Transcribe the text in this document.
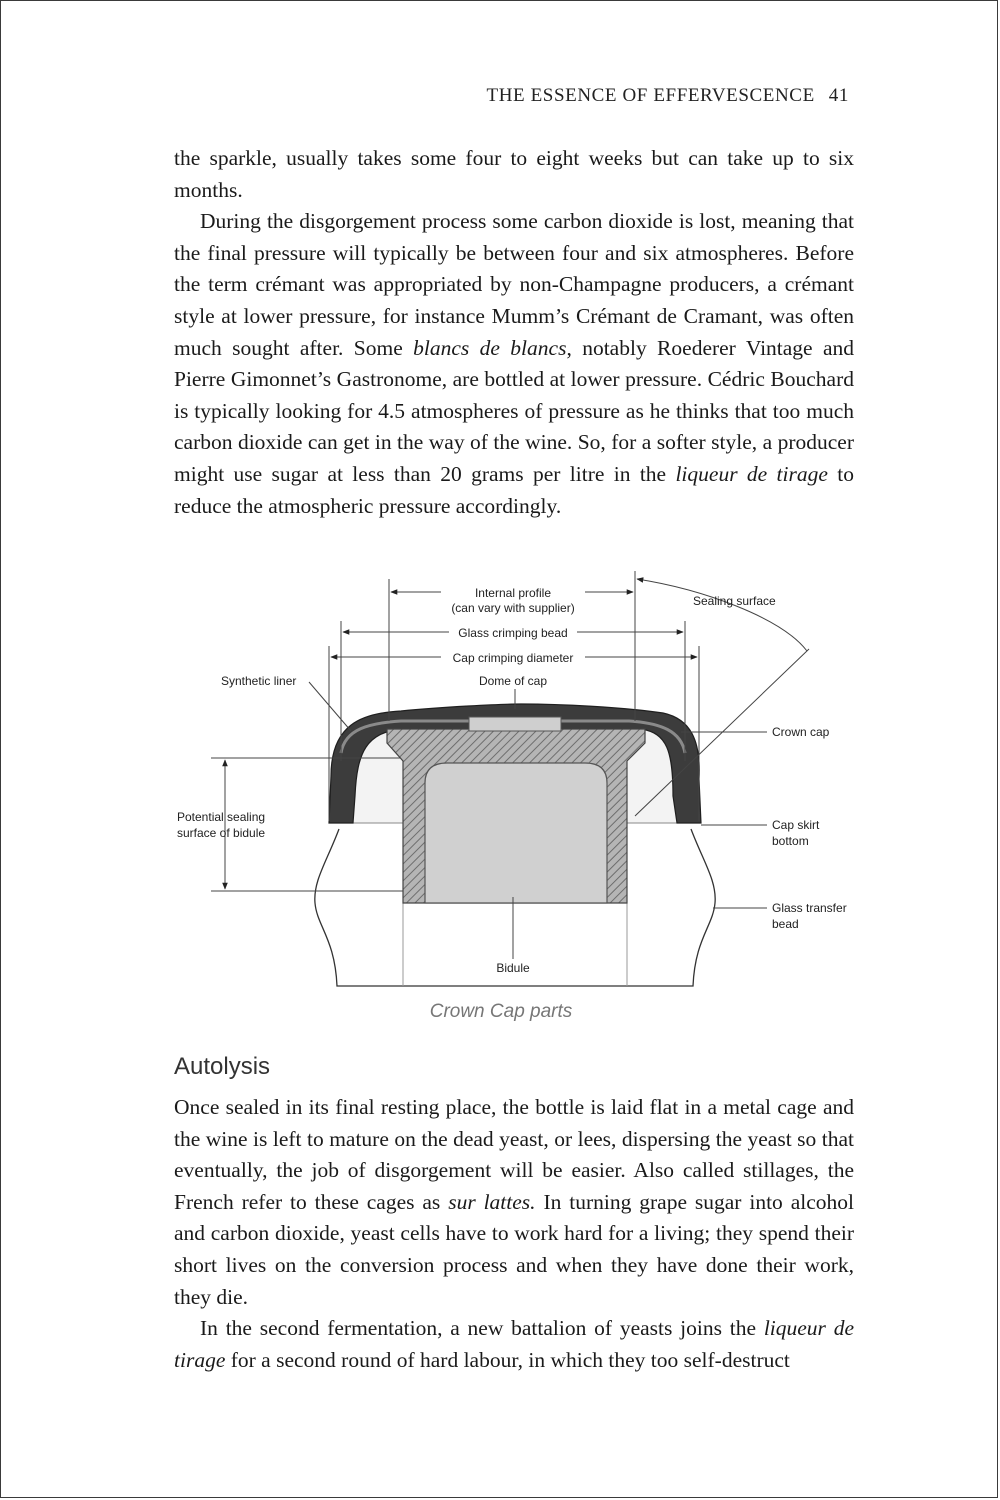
THE ESSENCE OF EFFERVESCENCE 41

the sparkle, usually takes some four to eight weeks but can take up to six months.

During the disgorgement process some carbon dioxide is lost, meaning that the final pressure will typically be between four and six atmospheres. Before the term crémant was appropriated by non-Champagne producers, a crémant style at lower pressure, for instance Mumm’s Crémant de Cramant, was often much sought after. Some blancs de blancs, notably Roederer Vintage and Pierre Gimonnet’s Gastronome, are bottled at lower pressure. Cédric Bouchard is typically looking for 4.5 atmospheres of pressure as he thinks that too much carbon dioxide can get in the way of the wine. So, for a softer style, a producer might use sugar at less than 20 grams per litre in the liqueur de tirage to reduce the atmospheric pressure accordingly.

Internal profile
(can vary with supplier)	Sealing surface
Glass crimping bead
Cap crimping diameter
Synthetic liner	Dome of cap
Crown cap
Potential sealing
surface of bidule
Cap skirt
bottom
Glass transfer
bead
Bidule
Crown Cap parts
Autolysis

Once sealed in its final resting place, the bottle is laid flat in a metal cage and the wine is left to mature on the dead yeast, or lees, dispersing the yeast so that eventually, the job of disgorgement will be easier. Also called stillages, the French refer to these cages as sur lattes. In turning grape sugar into alcohol and carbon dioxide, yeast cells have to work hard for a living; they spend their short lives on the conversion process and when they have done their work, they die.

In the second fermentation, a new battalion of yeasts joins the liqueur de tirage for a second round of hard labour, in which they too self-destruct
